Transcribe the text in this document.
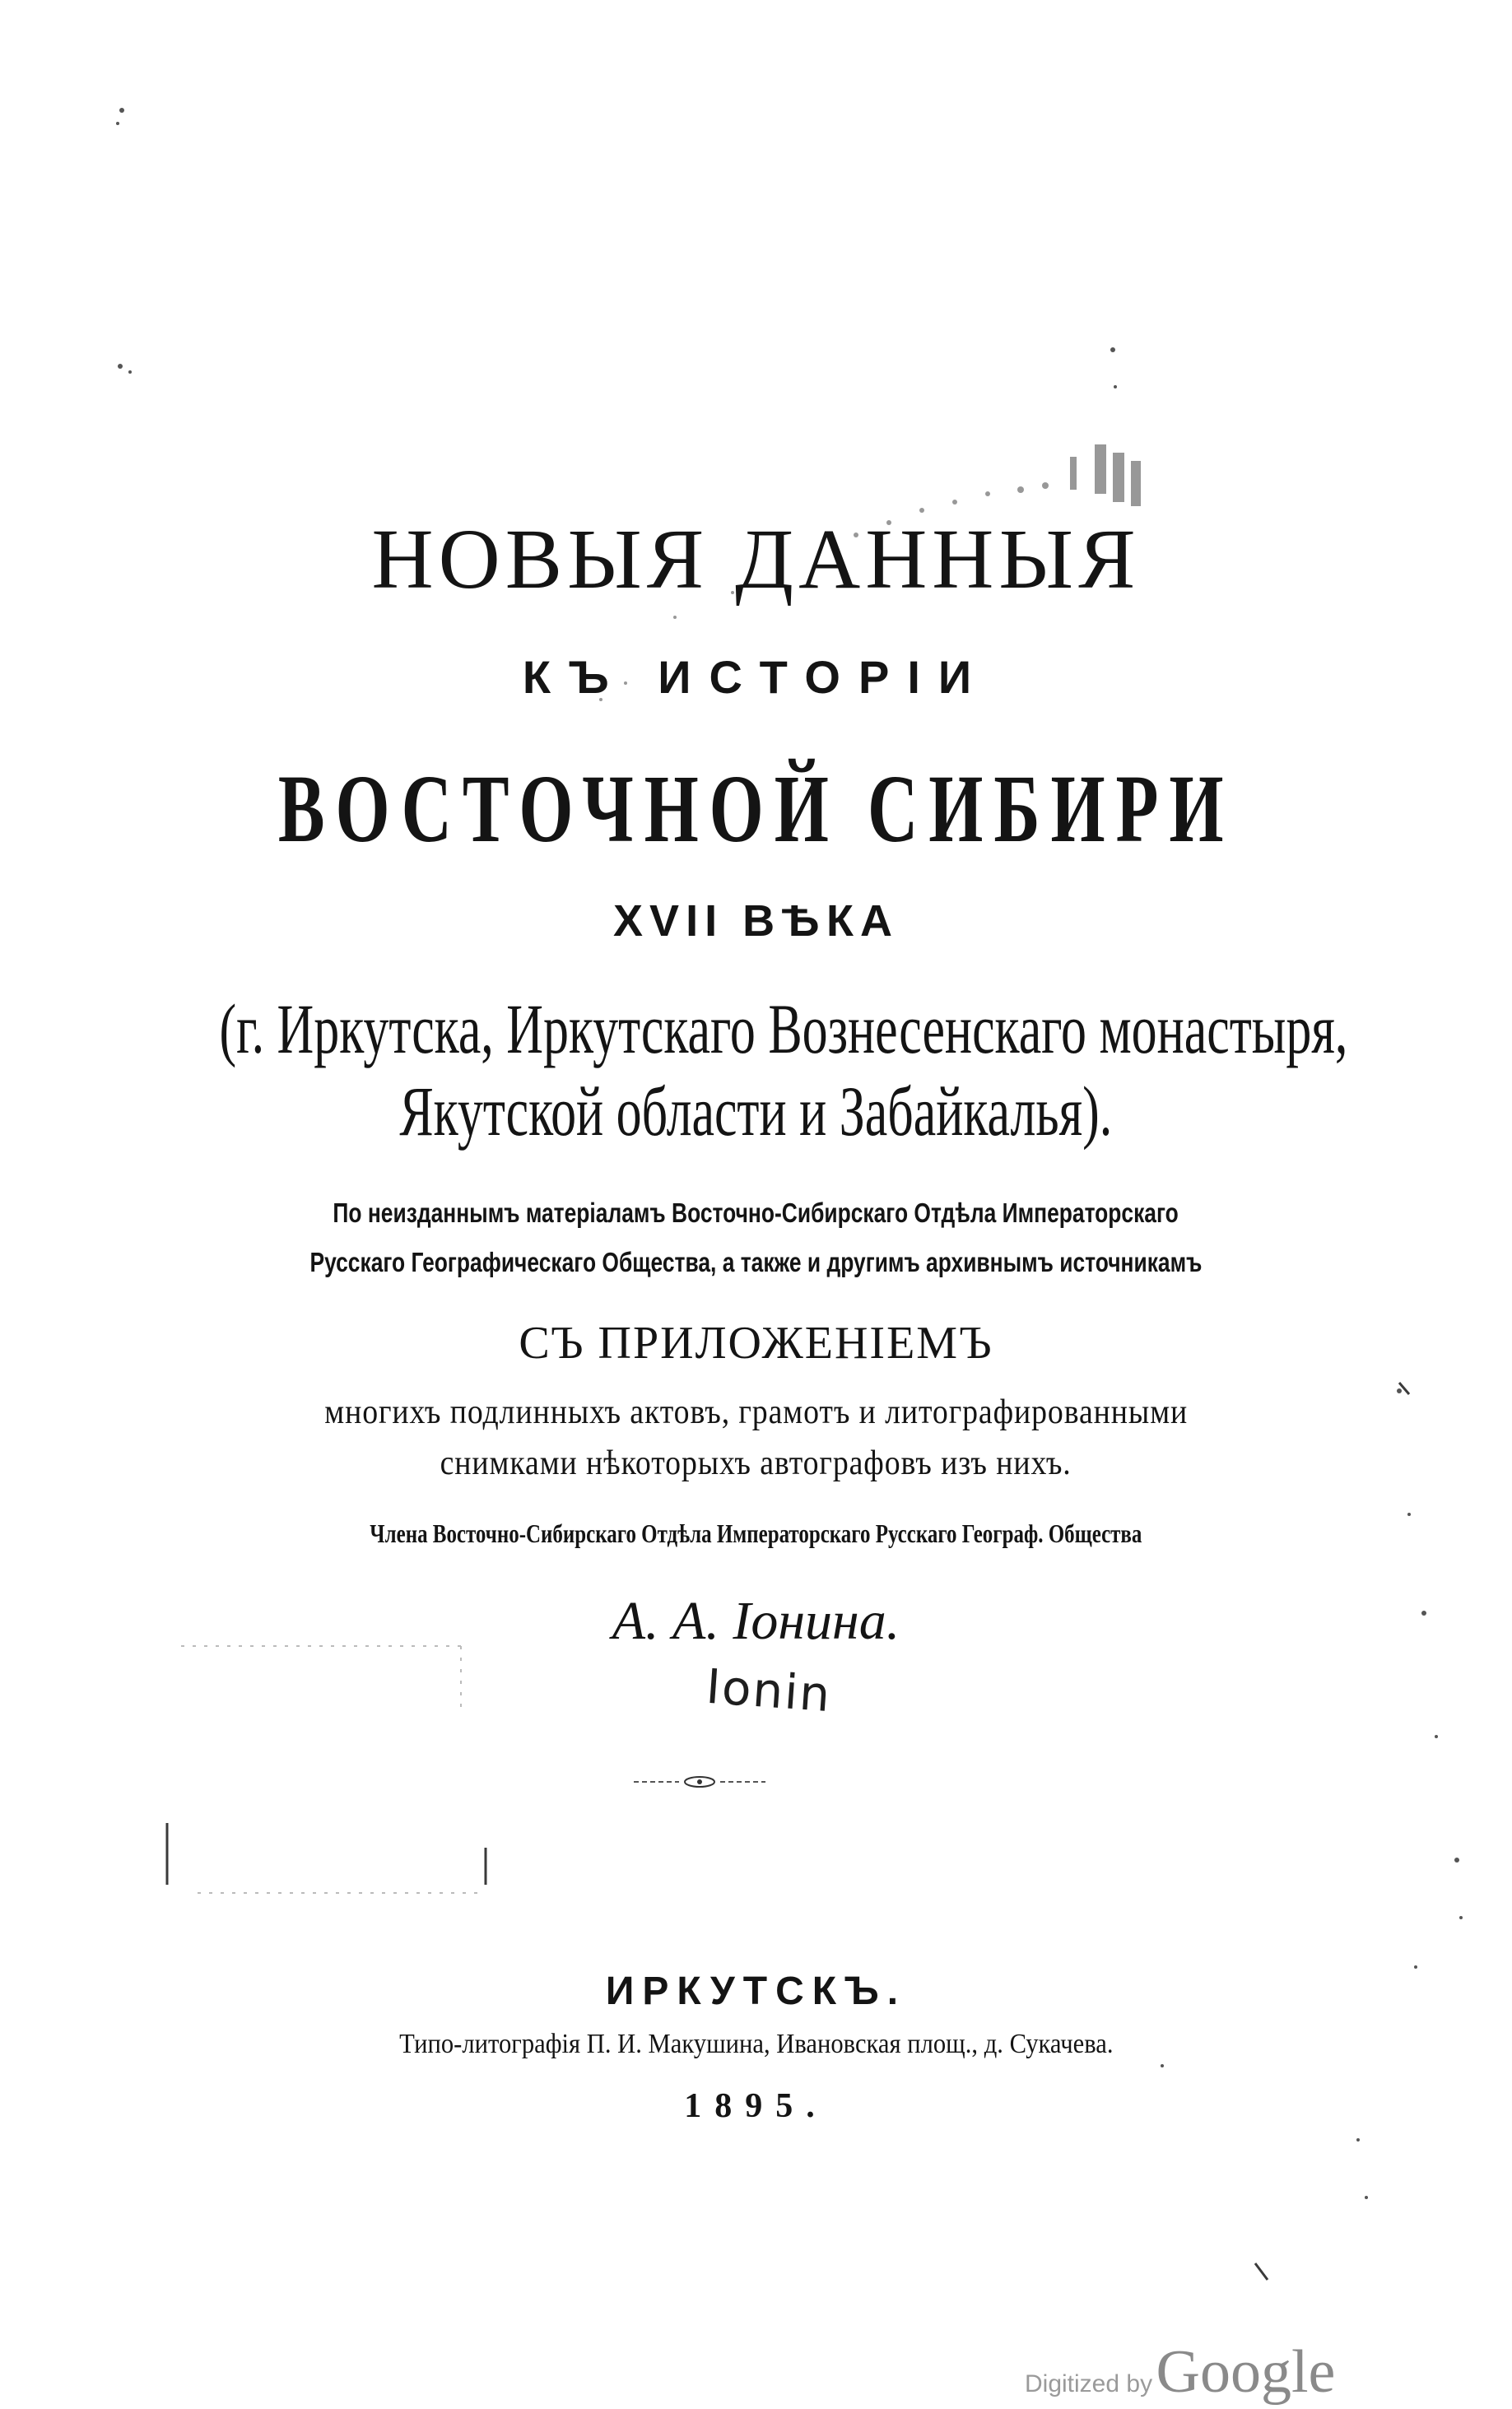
НОВЫЯ ДАННЫЯ
КЪ ИСТОРІИ
ВОСТОЧНОЙ СИБИРИ
XVII ВѢКА
(г. Иркутска, Иркутскаго Вознесенскаго монастыря,
Якутской области и Забайкалья).
По неизданнымъ матеріаламъ Восточно-Сибирскаго Отдѣла Императорскаго
Русскаго Географическаго Общества, а также и другимъ архивнымъ источникамъ
СЪ ПРИЛОЖЕНІЕМЪ
многихъ подлинныхъ актовъ, грамотъ и литографированными
снимками нѣкоторыхъ автографовъ изъ нихъ.
Члена Восточно-Сибирскаго Отдѣла Императорскаго Русскаго Географ. Общества
А. А. Іонина.
Ionin
ИРКУТСКЪ.
Типо-литографія П. И. Макушина, Ивановская площ., д. Сукачева.
1895.
Digitized by Google
